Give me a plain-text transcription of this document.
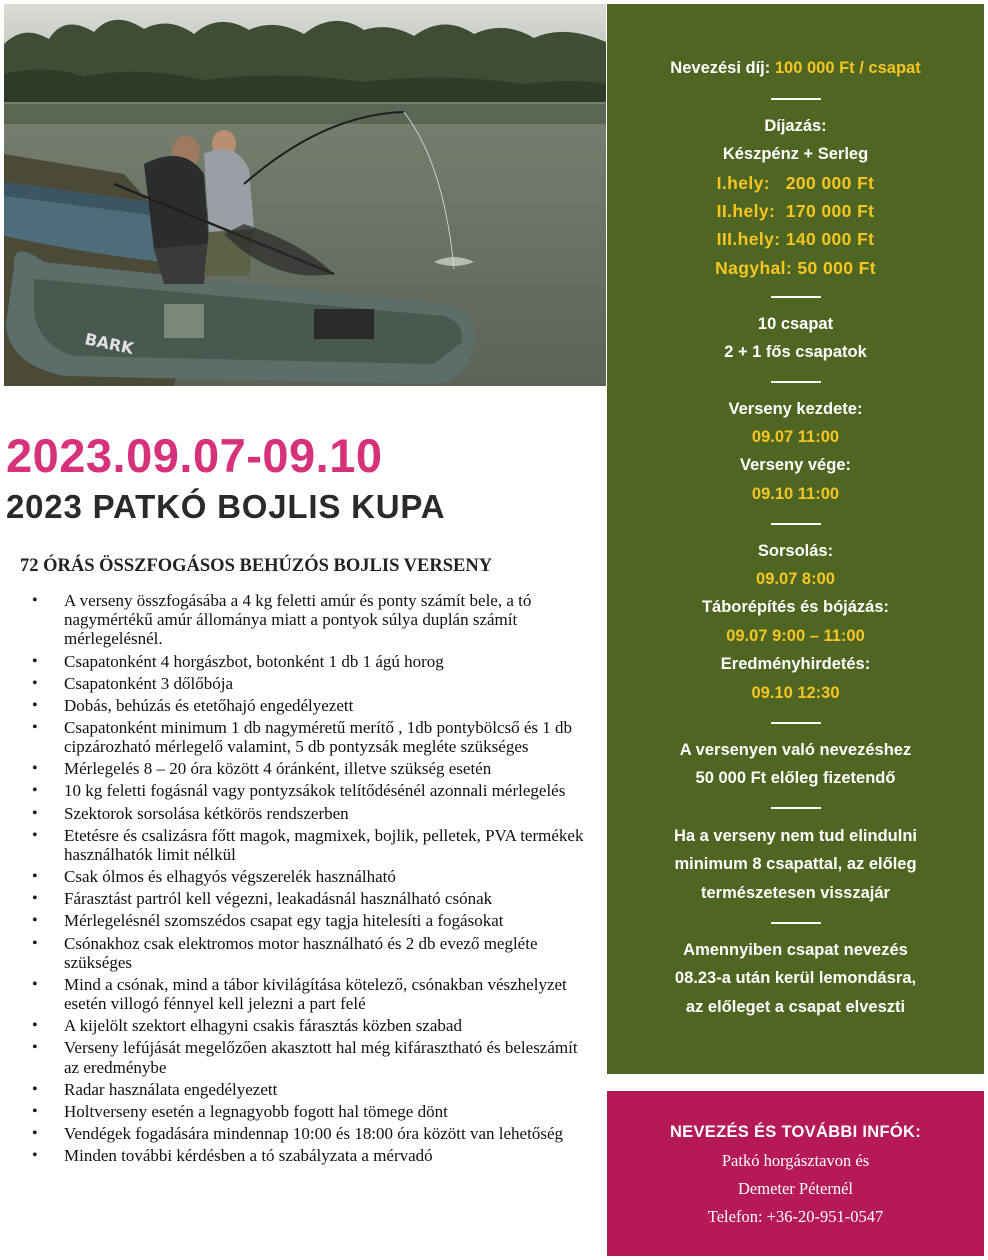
BARK
2023.09.07-09.10
2023 PATKÓ BOJLIS KUPA

72 ÓRÁS ÖSSZFOGÁSOS BEHÚZÓS BOJLIS VERSENY

• A verseny összfogásába a 4 kg feletti amúr és ponty számít bele, a tó nagymértékű amúr állománya miatt a pontyok súlya duplán számít mérlegelésnél.
• Csapatonként 4 horgászbot, botonként 1 db 1 ágú horog
• Csapatonként 3 dőlőbója
• Dobás, behúzás és etetőhajó engedélyezett
• Csapatonként minimum 1 db nagyméretű merítő , 1db pontybölcső és 1 db cipzározható mérlegelő valamint, 5 db pontyzsák megléte szükséges
• Mérlegelés 8 – 20 óra között 4 óránként, illetve szükség esetén
• 10 kg feletti fogásnál vagy pontyzsákok telítődésénél azonnali mérlegelés
• Szektorok sorsolása kétkörös rendszerben
• Etetésre és csalizásra főtt magok, magmixek, bojlik, pelletek, PVA termékek használhatók limit nélkül
• Csak ólmos és elhagyós végszerelék használható
• Fárasztást partról kell végezni, leakadásnál használható csónak
• Mérlegelésnél szomszédos csapat egy tagja hitelesíti a fogásokat
• Csónakhoz csak elektromos motor használható és 2 db evező megléte szükséges
• Mind a csónak, mind a tábor kivilágítása kötelező, csónakban vészhelyzet esetén villogó fénnyel kell jelezni a part felé
• A kijelölt szektort elhagyni csakis fárasztás közben szabad
• Verseny lefújását megelőzően akasztott hal még kifárasztható és beleszámít az eredménybe
• Radar használata engedélyezett
• Holtverseny esetén a legnagyobb fogott hal tömege dönt
• Vendégek fogadására mindennap 10:00 és 18:00 óra között van lehetőség
• Minden további kérdésben a tó szabályzata a mérvadó

Nevezési díj: 100 000 Ft / csapat

Díjazás:

Készpénz + Serleg

I.hely:   200 000 Ft

II.hely:  170 000 Ft

III.hely: 140 000 Ft

Nagyhal: 50 000 Ft

10 csapat

2 + 1 fős csapatok

Verseny kezdete:

09.07 11:00

Verseny vége:

09.10 11:00

Sorsolás:

09.07 8:00

Táborépítés és bójázás:

09.07 9:00 – 11:00

Eredményhirdetés:

09.10 12:30

A versenyen való nevezéshez

50 000 Ft előleg fizetendő

Ha a verseny nem tud elindulni

minimum 8 csapattal, az előleg

természetesen visszajár

Amennyiben csapat nevezés

08.23-a után kerül lemondásra,

az előleget a csapat elveszti

NEVEZÉS ÉS TOVÁBBI INFÓK:

Patkó horgásztavon és

Demeter Péternél

Telefon: +36-20-951-0547
